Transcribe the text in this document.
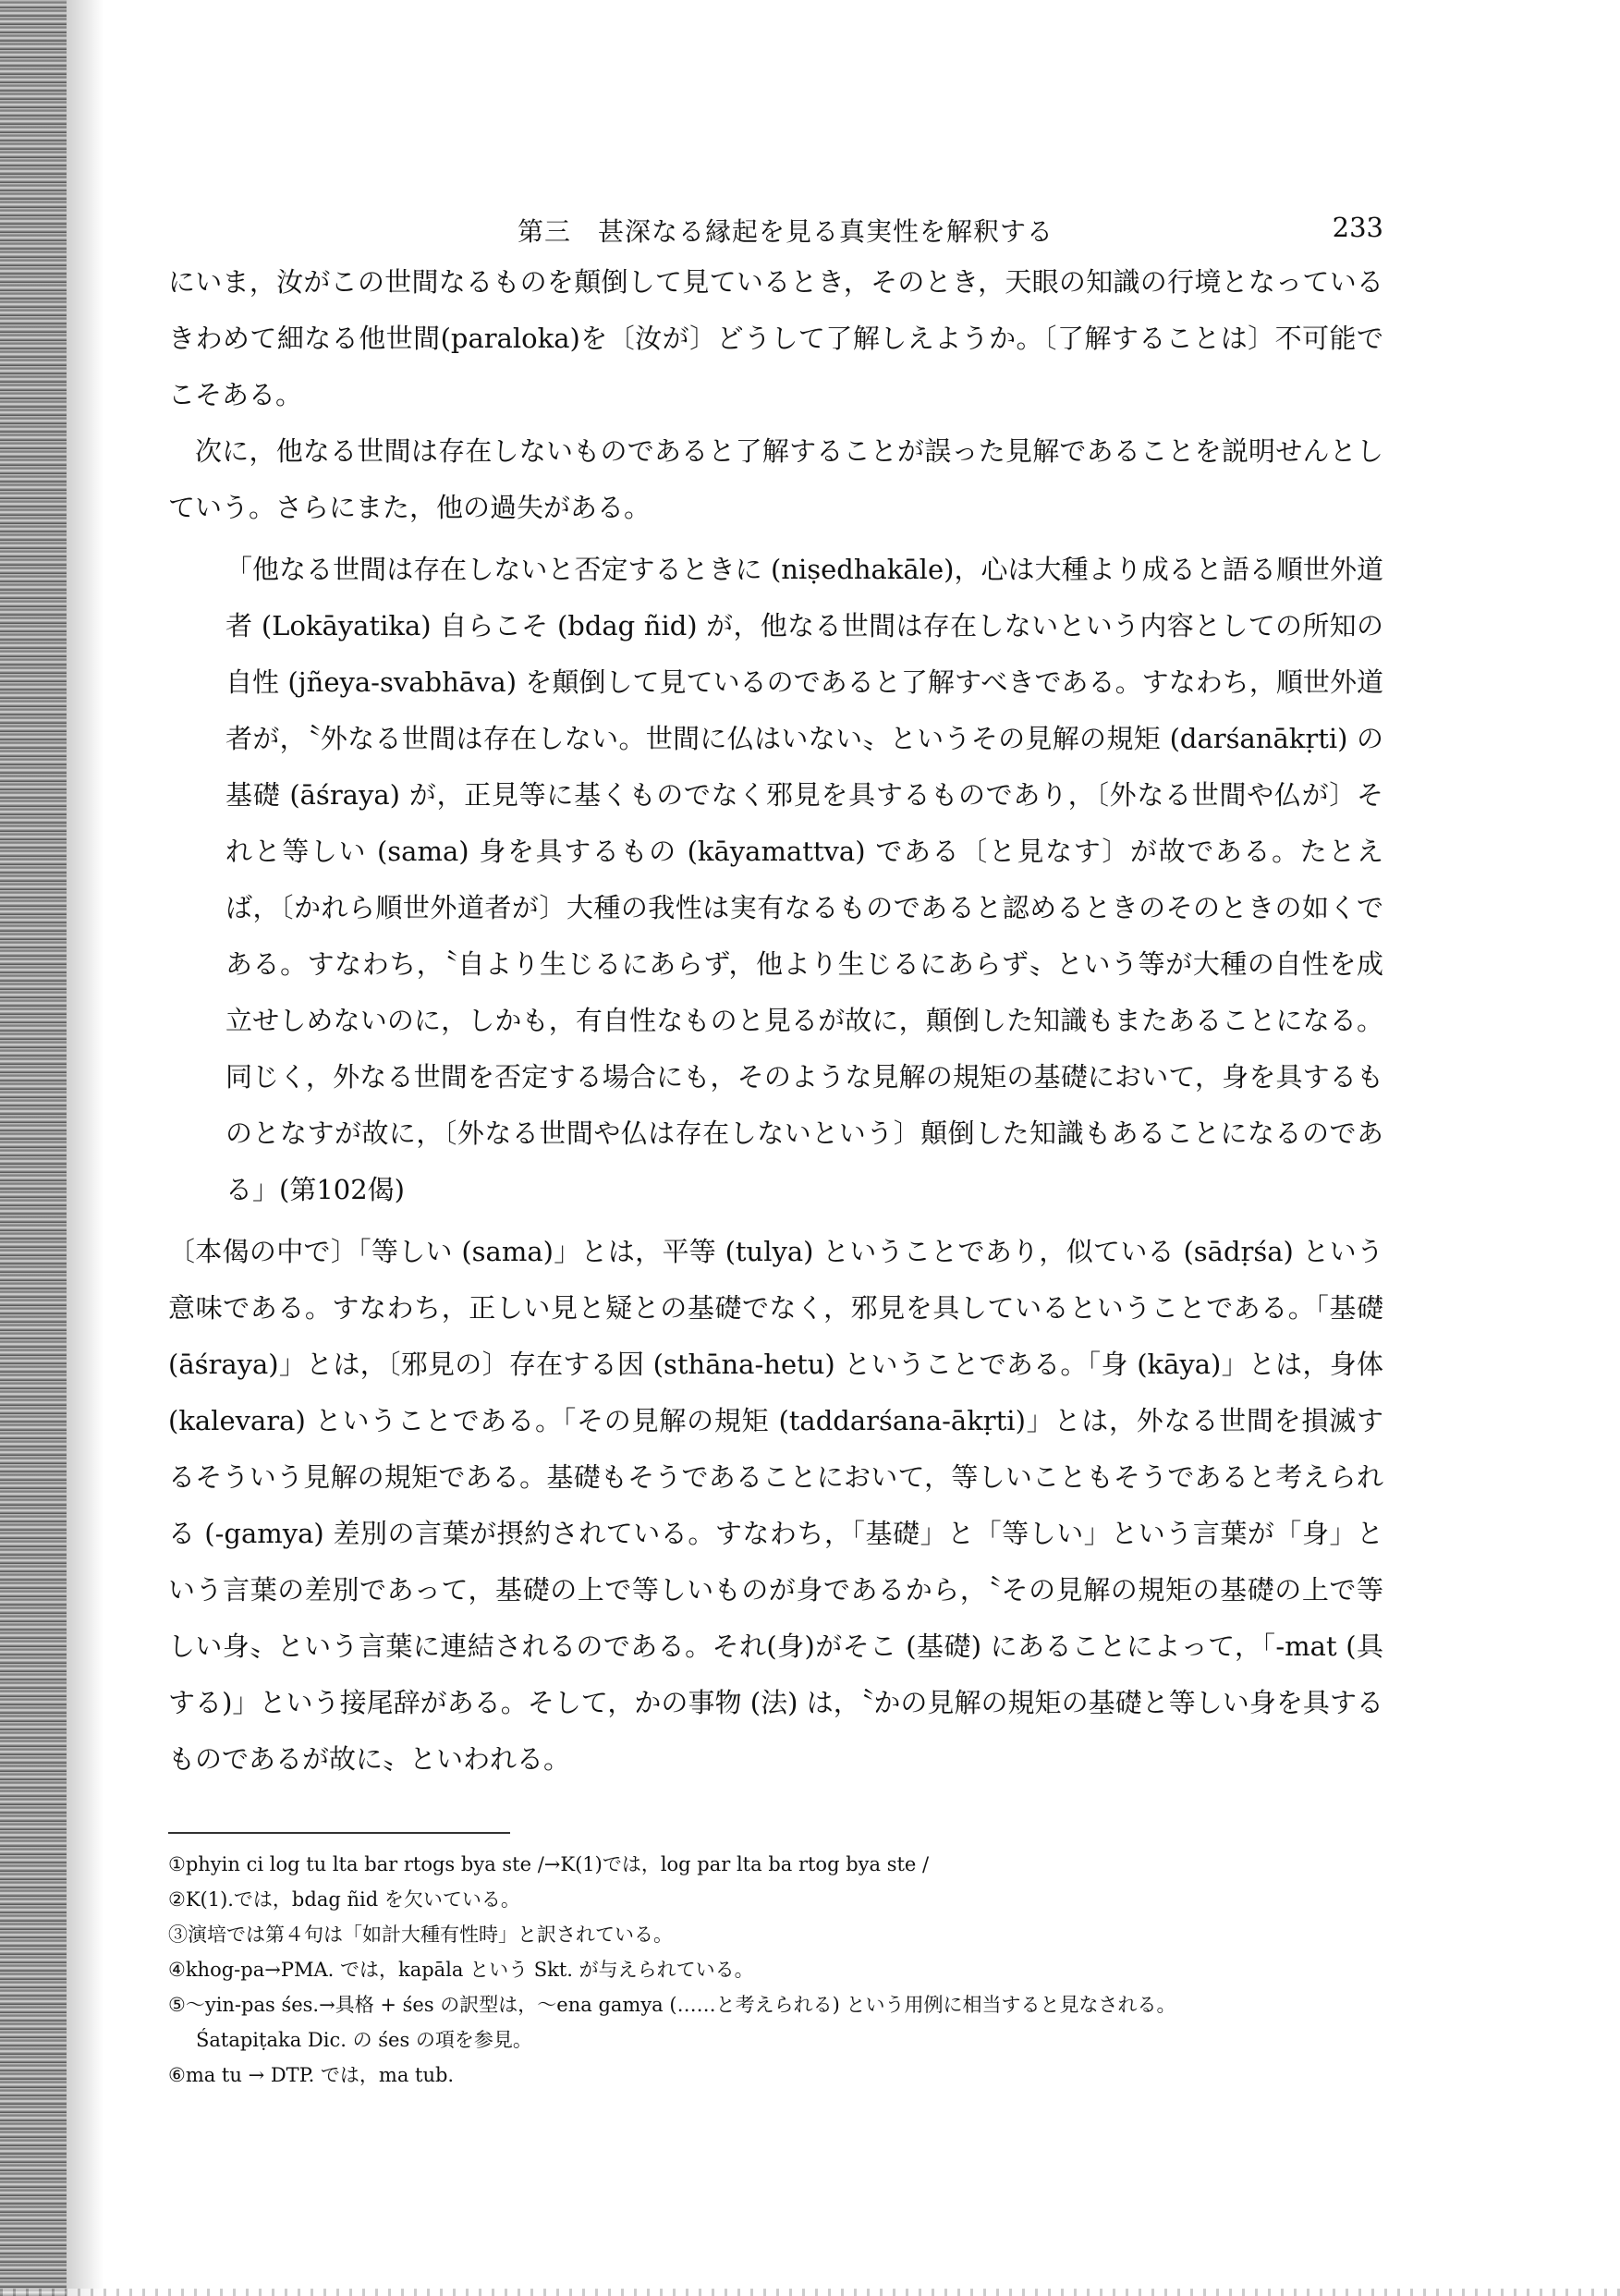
第三　甚深なる縁起を見る真実性を解釈する	233

にいま，汝がこの世間なるものを顛倒して見ているとき，そのとき，天眼の知識の行境となっているきわめて細なる他世間(paraloka)を〔汝が〕どうして了解しえようか。〔了解することは〕不可能でこそある。

次に，他なる世間は存在しないものであると了解することが誤った見解であることを説明せんとしていう。さらにまた，他の過失がある。

「他なる世間は存在しないと否定するときに (niṣedhakāle)，心は大種より成ると語る順世外道者 (Lokāyatika) 自らこそ (bdag ñid) が，他なる世間は存在しないという内容としての所知の自性 (jñeya-svabhāva) を顛倒して見ているのであると了解すべきである。すなわち，順世外道者が，〝外なる世間は存在しない。世間に仏はいない〟というその見解の規矩 (darśanākṛti) の基礎 (āśraya) が，正見等に基くものでなく邪見を具するものであり，〔外なる世間や仏が〕それと等しい (sama) 身を具するもの (kāyamattva) である〔と見なす〕が故である。たとえば，〔かれら順世外道者が〕大種の我性は実有なるものであると認めるときのそのときの如くである。すなわち，〝自より生じるにあらず，他より生じるにあらず〟という等が大種の自性を成立せしめないのに，しかも，有自性なものと見るが故に，顛倒した知識もまたあることになる。同じく，外なる世間を否定する場合にも，そのような見解の規矩の基礎において，身を具するものとなすが故に，〔外なる世間や仏は存在しないという〕顛倒した知識もあることになるのである」(第102偈)

〔本偈の中で〕「等しい (sama)」とは，平等 (tulya) ということであり，似ている (sādṛśa) という意味である。すなわち，正しい見と疑との基礎でなく，邪見を具しているということである。「基礎 (āśraya)」とは，〔邪見の〕存在する因 (sthāna-hetu) ということである。「身 (kāya)」とは，身体 (kalevara) ということである。「その見解の規矩 (taddarśana-ākṛti)」とは，外なる世間を損滅するそういう見解の規矩である。基礎もそうであることにおいて，等しいこともそうであると考えられる (-gamya) 差別の言葉が摂約されている。すなわち，「基礎」と「等しい」という言葉が「身」という言葉の差別であって，基礎の上で等しいものが身であるから，〝その見解の規矩の基礎の上で等しい身〟という言葉に連結されるのである。それ(身)がそこ (基礎) にあることによって，「-mat (具する)」という接尾辞がある。そして，かの事物 (法) は，〝かの見解の規矩の基礎と等しい身を具するものであるが故に〟といわれる。

①phyin ci log tu lta bar rtogs bya ste /→K(1)では，log par lta ba rtog bya ste /

②K(1).では，bdag ñid を欠いている。

③演培では第４句は「如計大種有性時」と訳されている。

④khog-pa→PMA. では，kapāla という Skt. が与えられている。

⑤～yin-pas śes.→具格 + śes の訳型は，～ena gamya (……と考えられる) という用例に相当すると見なされる。

Śatapiṭaka Dic. の śes の項を参見。

⑥ma tu → DTP. では，ma tub.
